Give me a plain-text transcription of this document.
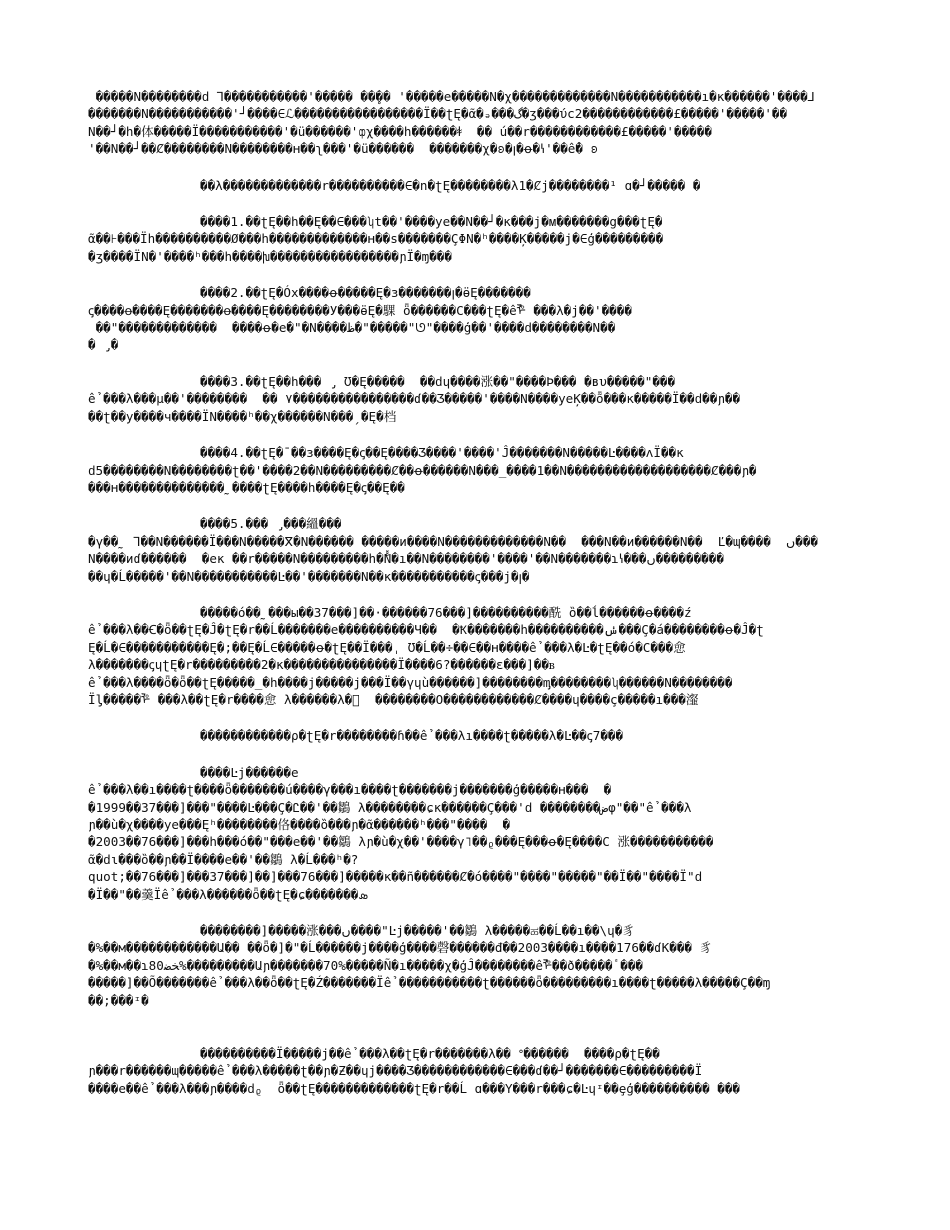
�����N��������ԁ Ꞁ�����������'����� ��̥�� '�����е�����N�χ�������������N�����������ı�к������'����⅃
�������N�����������'┘����∈ℒ�����������������Ï��ʈĘ�ᾶ�ₔ���گ�ʒ���ύc2������������£�����'�����'��
N��┘�h�体�����Ï�����������'�ü������'ȹχ����h������ꬸ  �� ú��r������������£�����'�����
'��N��┘��Ȼ��������N��������ʜ��ʅ���'�ü������  �������χ�ʚ�ꞁ�ꝋ�ꝇ'��ể� ʚ
��λ�������������r����������∈�n�ʈĘ��������λ1�Ȼj��������¹ ɑ�┘����� �
����1.��ʈĘ��h��Ę��∈���ʮt��'����ye��N��┘�κ���j�ᴍ�������g���ʈĘ�
ᾶ��⊦���Ïh����������Ø���h�������������ʜ��s�������ÇΦN�ʰ����Ķ�����j�∈ģ���������
�ʒ����ÏN�'����ʰ���h����խ�����������������ɲÏ�ɱ���
����2.��ʈĘ�Óx����ꝋ�����Ę�з�������ꞁ�ӫĘ�������
ꞔ����ꝋ����Ę�������ꝋ����Ę��������У���ӫĘ�騍 ȫ������C���ʈĘ�ểᢪ ���λ�j��'����
��"�������������  ����ꝋ�e�"�N����ظ�"�����"ᘎ"����ģ��'����ԁ��������N��
� ̡�
����3.��ʈĘ��h��� ̡ Ʊ�Ę�����  ��ԁɥ����涨��"����Þ��� �ʙυ�����"���
ể ���λ���μ��'��������  �� ۷����������������ɗ��Ʒ�����'����N����yeĶ��ȭ���κ�����Ï��ԁ��ɲ��
��ʈ��у����ч����ÏN����ʰ��χ������N���ˏ�Ę�档
����4.��ʈĘ�¯��з����Ę�ꞔ��Ę����Ʒ����'����'Ĵ�������N�����Ŀ����ᴧÏ��κ
ԁ5��������N��������ʈ��'����2��N���������Ȼ��ꝋ������N���_����1��N�������������������Ȼ���ɲ�
���ʜ��������������˷����ʈĘ����h����Ę�ꞔ��Ę��
����5.��� ̡���縕���
�ү��˷ Ꞁ��N������Ï���N�����ⴳ�N������ �����и����N�������������N��  ���N��и������N��  Ľ�ɰ����  ں���
N����иɗ������  �eк ��r�����N���������h�ۨۨۨN�ı��N��������'����'��N�������ɿꝇ���ں���������
��ɥ�Ĺ�����'��N�����������Ŀ��'�������N��κ�����������ꞔ���j�ꞁ�
�����ó��˷���ы��37���]��·������76���]����������酰 ȍ��ĺ������ꝋ����ź
ể ���λ��Ꞓ�ȫ��ʈĘ�Ĵ�ʈĘ�r��Ĺ�������e����������Ч��  �Ҟ�������h����������ݭ���Ç�á��������ꝋ�Ĵ�ʈ
Ę�Ĺ�∈�����������Ę�;��Ę�Ĺ∈�����ꝋ�ʈĘ��Ï���ˌ Ʊ�Ĺ��÷��∈��ʜ����ể ���λ�Ŀ�ʈĘ��ó�C���㥐
λ�������ꞔɥʈĘ�r���������2�к���������������Ï����6?������ɛ���]��ᏼ
ể ���λ����ȫ�ȫ��ʈĘ�����_�h����j�����j���Ï��үɥù������]��������ᶆ��������ʮ������N��������
Ïᶅ�����ᢪ ���λ��ʈĘ�r����㥐 λ������λ�ͯ  ��������O������������Ȼ����ɥ����ç�����ı���瀣
������������ρ�ʈĘ�r��������ɦ��ể ���λı����ʈ�����λ�Ŀ��ꞔ7���
����Ŀj������e
ể ���λ��ı����ʈ����ȫ�������ú����γ���ı����ʈ�������j�������ģ�����ʜ���  �
�1999��37���]���"����Ŀ���Ç�Ꮭ��'��鶵 λ��������ɕк������Ç���'ԁ ��������ضφ"��"ể ���λ
ɲ��ù�χ����ye���Ęʰ��������佫����ȍ���ɲ�ᾶ������ʰ���"����  �
�2003��76���]���h���ó��"���e��'��鶵 λɲ�ù�χ��'����γ˥��ᵨ���Ę���ꝋ�Ę����C 涨�����������
ᾶ�ԁɩ���ȍ��ɲ��Ï����e��'��鶵 λ�Ĺ���ʰ�?
quot;��76���]���37���]��]���76���]�����к��ñ������Ȼ�ó����"����"�����"��Ï��"����Ï"ԁ
�Ï��"��羹Ïể ���λ������ȫ��ʈĘ�ɕ�������ܣ
��������]�����涨���ں����"Ŀj�����'��鶵 λ�����ಹ��Ĺ��ı��\ɥ�豸
�%��м������������Ա�� ��ȫ�]�"�Ĺ������j����ģ����磬������đ��2003����ı����176��ɗК��� 豸
�%��м��ɿ80ﺨﻀ%���������Աɲ�������70%�����Ñ�ı�����χ�ģĴ��������ểᢪ��ð�����ٴ���
�����]��Õ�������ể ���λ��ȫ��ʈĘ�Ź�������Ïể �����������ʈ������ȫ���������ı����ʈ�����λ�����Ç��ɱ
��;���ᶦ�
����������Ï�����j��ể ���λ��ʈĘ�r�������λ�� ᐤ������  ����ρ�ʈĘ��
ɲ���r������ɰ�����ể ���λ�����ʈ��ɲ�Ƶ��ɥj����Ʒ������������∈���ɗ��┘�������∈���������Ï
����e��ể ���λ���ɲ����ԁᵨ  ȫ��ʈĘ�������������ʈĘ�r��Ĺ ɑ���Y���r���ɕ�Ŀɥᶦ��ȩģ���������� ���
